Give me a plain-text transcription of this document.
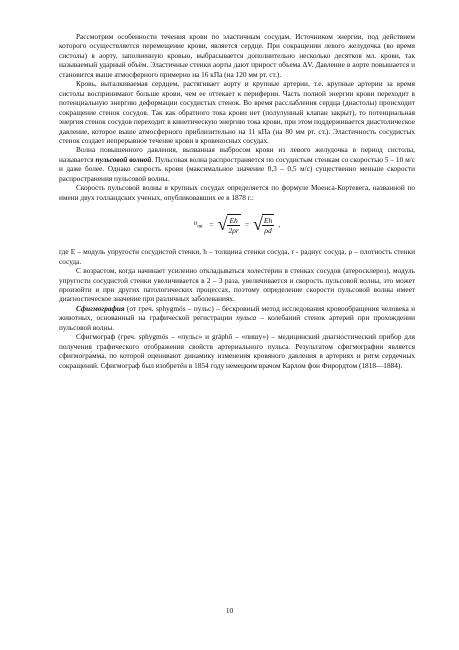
Рассмотрим особенности течения крови по эластичным сосудам. Источником энергии, под действием которого осуществляется перемещение крови, является сердце. При сокращении левого желудочка (во время систолы) в аорту, заполненную кровью, выбрасывается дополнительно несколько десятков мл. крови, так называемый ударный объём. Эластичные стенки аорты дают прирост объема ΔV. Давление в аорте повышается и становится выше атмосферного примерно на 16 кПа (на 120 мм рт. ст.).

Кровь, выталкиваемая сердцем, растягивает аорту и крупные артерии, т.е. крупные артерии за время систолы воспринимают больше крови, чем ее оттекает к периферии. Часть полной энергии крови переходит в потенциальную энергию деформации сосудистых стенок. Во время расслабления сердца (диастолы) происходит сокращение стенок сосудов. Так как обратного тока крови нет (полулунный клапан закрыт), то потенциальная энергия стенок сосудов переходит в кинетическую энергию тока крови, при этом поддерживается диастолическое давление, которое выше атмосферного приблизительно на 11 кПа (на 80 мм рт. ст.). Эластичность сосудистых стенок создает непрерывное течение крови в кровеносных сосудах.

Волна повышенного давления, вызванная выбросом крови из левого желудочка в период систолы, называется пульсовой волной. Пульсовая волна распространяется по сосудистым стенкам со скоростью 5 – 10 м/с и даже более. Однако скорость крови (максимальное значение 0,3 – 0,5 м/с) существенно меньше скорости распространения пульсовой волны.

Скорость пульсовой волны в крупных сосудах определяется по формуле Моенса-Кортевега, названной по имени двух голландских ученых, опубликовавших ее в 1878 г.:

$\upsilon_{пв}$ = √ $\frac{Eh}{2\rho r}$ = √ $\frac{Eh}{\rho d}$ ,

где Е – модуль упругости сосудистой стенки, h – толщина стенки сосуда, r - радиус сосуда, ρ – плотность стенки сосуда.

С возрастом, когда начинает усиленно откладываться холестерин в стенках сосудов (атеросклероз), модуль упругости сосудистой стенки увеличивается в 2 – 3 раза, увеличивается и скорость пульсовой волны, это может произойти и при других патологических процессах, поэтому определение скорости пульсовой волны имеет диагностическое значение при различных заболеваниях.

Сфигмография (от греч. sphygmós – пульс) – бескровный метод исследования кровообращения человека и животных, основанный на графической регистрации пульса – колебаний стенок артерий при прохождении пульсовой волны.

Сфигмограф (греч. sphygmós – «пульс» и gráphō – «пишу») – медицинский диагностический прибор для получения графического отображения свойств артериального пульса. Результатом сфигмографии является сфигмогра́мма, по которой оценивают динамику изменения кровяного давления в артериях и ритм сердечных сокращений. Сфигмограф был изобретён в 1854 году немецким врачом Карлом фон Фирордтом (1818—1884).

10
